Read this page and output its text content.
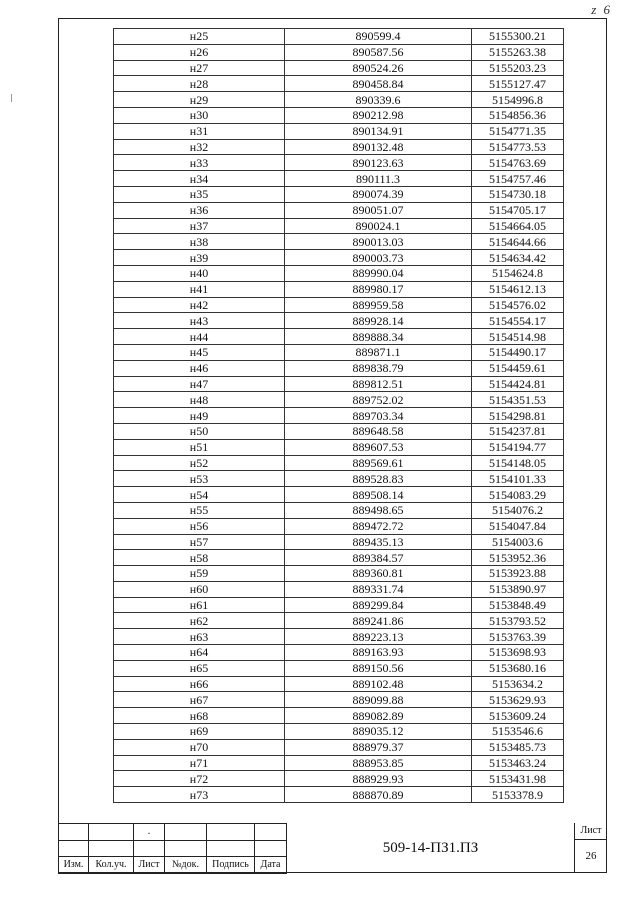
z 6
н25	890599.4	5155300.21
н26	890587.56	5155263.38
н27	890524.26	5155203.23
н28	890458.84	5155127.47
н29	890339.6	5154996.8
н30	890212.98	5154856.36
н31	890134.91	5154771.35
н32	890132.48	5154773.53
н33	890123.63	5154763.69
н34	890111.3	5154757.46
н35	890074.39	5154730.18
н36	890051.07	5154705.17
н37	890024.1	5154664.05
н38	890013.03	5154644.66
н39	890003.73	5154634.42
н40	889990.04	5154624.8
н41	889980.17	5154612.13
н42	889959.58	5154576.02
н43	889928.14	5154554.17
н44	889888.34	5154514.98
н45	889871.1	5154490.17
н46	889838.79	5154459.61
н47	889812.51	5154424.81
н48	889752.02	5154351.53
н49	889703.34	5154298.81
н50	889648.58	5154237.81
н51	889607.53	5154194.77
н52	889569.61	5154148.05
н53	889528.83	5154101.33
н54	889508.14	5154083.29
н55	889498.65	5154076.2
н56	889472.72	5154047.84
н57	889435.13	5154003.6
н58	889384.57	5153952.36
н59	889360.81	5153923.88
н60	889331.74	5153890.97
н61	889299.84	5153848.49
н62	889241.86	5153793.52
н63	889223.13	5153763.39
н64	889163.93	5153698.93
н65	889150.56	5153680.16
н66	889102.48	5153634.2
н67	889099.88	5153629.93
н68	889082.89	5153609.24
н69	889035.12	5153546.6
н70	888979.37	5153485.73
н71	888953.85	5153463.24
н72	888929.93	5153431.98
н73	888870.89	5153378.9
		.			

Изм.	Кол.уч.	Лист	№док.	Подпись	Дата
509-14-ПЗ1.ПЗ
Лист
26
